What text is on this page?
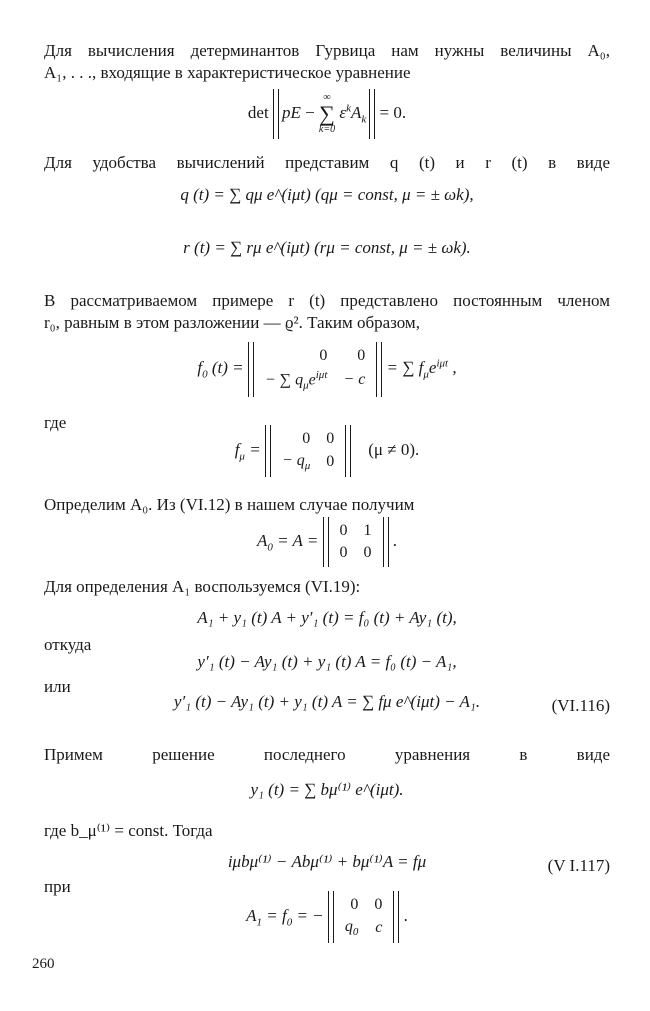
Для вычисления детерминантов Гурвица нам нужны величины A₀,
A₁, . . ., входящие в характеристическое уравнение
det pE −
∞
∑
k=0
$\varepsilon^kA_k = 0$.
Для удобства вычислений представим q (t) и r (t) в виде
q (t) = ∑ qμ e^(iμt) (qμ = const, μ = ± ωk),
r (t) = ∑ rμ e^(iμt) (rμ = const, μ = ± ωk).
В рассматриваемом примере r (t) представлено постоянным членом
r₀, равным в этом разложении — ϱ². Таким образом,
$f_0$ (t) = 0	0
− ∑ $q_\mu e^{i\mu t}$	− c = ∑ $f_\mu e^{i\mu t}$ ,
где
$f_\mu = 0$	0
− $q_\mu$	0    (μ ≠ 0).
Определим A₀. Из (VI.12) в нашем случае получим
$A_0 = A = 0$	1
0	0 .
Для определения A₁ воспользуемся (VI.19):
A₁ + y₁ (t) A + y′₁ (t) = f₀ (t) + Ay₁ (t),
откуда
y′₁ (t) − Ay₁ (t) + y₁ (t) A = f₀ (t) − A₁,
или
y′₁ (t) − Ay₁ (t) + y₁ (t) A = ∑ fμ e^(iμt) − A₁.	(VI.116)
Примем решение последнего уравнения в виде
y₁ (t) = ∑ bμ⁽¹⁾ e^(iμt).
где b_μ⁽¹⁾ = const. Тогда
iμbμ⁽¹⁾ − Abμ⁽¹⁾ + bμ⁽¹⁾A = fμ	(V I.117)
при
$A_1 = f_0$ = − 0	0
$q_0$	c .
260
